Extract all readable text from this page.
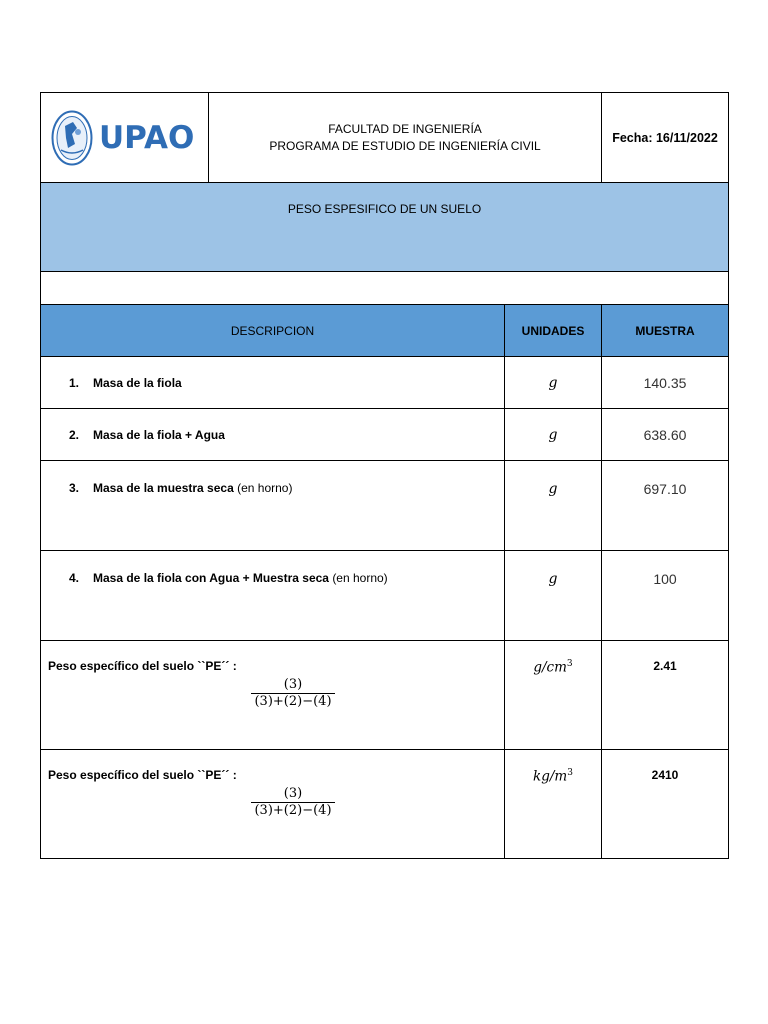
UPAO	FACULTAD DE INGENIERÍA
PROGRAMA DE ESTUDIO DE INGENIERÍA CIVIL		Fecha: 16/11/2022
PESO ESPESIFICO DE UN SUELO			

DESCRIPCION		UNIDADES	MUESTRA
1. Masa de la fiola		g	140.35
2. Masa de la fiola + Agua		g	638.60
3. Masa de la muestra seca (en horno)		g	697.10
4. Masa de la fiola con Agua + Muestra seca (en horno)		g	100

Peso específico del suelo ``PE´´ :
(3)
(3)+(2)−(4)		$g/cm^3$	2.41

Peso específico del suelo ``PE´´ :
(3)
(3)+(2)−(4)		$kg/m^3$	2410
